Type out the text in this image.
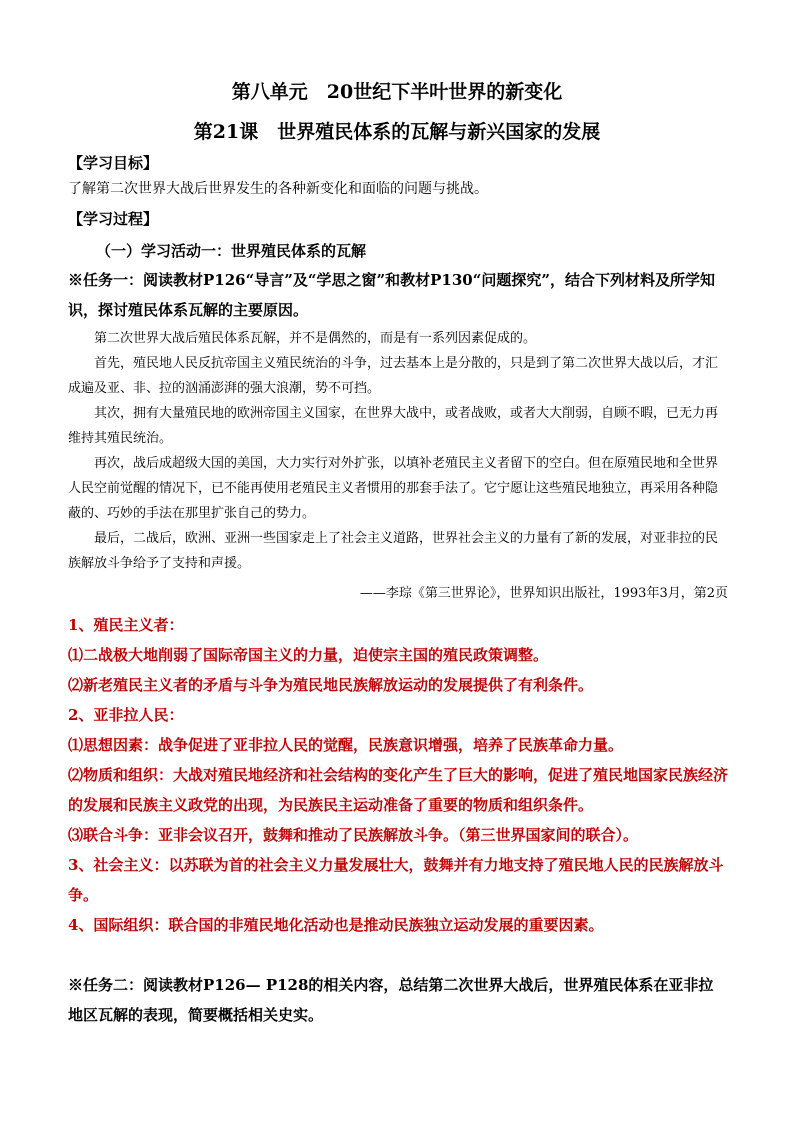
第八单元　20世纪下半叶世界的新变化
第21课　世界殖民体系的瓦解与新兴国家的发展
【学习目标】
了解第二次世界大战后世界发生的各种新变化和面临的问题与挑战。
【学习过程】
（一）学习活动一：世界殖民体系的瓦解
※任务一：阅读教材P126“导言”及“学思之窗”和教材P130“问题探究”，结合下列材料及所学知识，探讨殖民体系瓦解的主要原因。
第二次世界大战后殖民体系瓦解，并不是偶然的，而是有一系列因素促成的。
首先，殖民地人民反抗帝国主义殖民统治的斗争，过去基本上是分散的，只是到了第二次世界大战以后，才汇成遍及亚、非、拉的汹涌澎湃的强大浪潮，势不可挡。
其次，拥有大量殖民地的欧洲帝国主义国家，在世界大战中，或者战败，或者大大削弱，自顾不暇，已无力再维持其殖民统治。
再次，战后成超级大国的美国，大力实行对外扩张，以填补老殖民主义者留下的空白。但在原殖民地和全世界人民空前觉醒的情况下，已不能再使用老殖民主义者惯用的那套手法了。它宁愿让这些殖民地独立，再采用各种隐蔽的、巧妙的手法在那里扩张自己的势力。
最后，二战后，欧洲、亚洲一些国家走上了社会主义道路，世界社会主义的力量有了新的发展，对亚非拉的民族解放斗争给予了支持和声援。
——李琮《第三世界论》，世界知识出版社，1993年3月，第2页
1、殖民主义者：
⑴二战极大地削弱了国际帝国主义的力量，迫使宗主国的殖民政策调整。
⑵新老殖民主义者的矛盾与斗争为殖民地民族解放运动的发展提供了有利条件。
2、亚非拉人民：
⑴思想因素：战争促进了亚非拉人民的觉醒，民族意识增强，培养了民族革命力量。
⑵物质和组织：大战对殖民地经济和社会结构的变化产生了巨大的影响，促进了殖民地国家民族经济的发展和民族主义政党的出现，为民族民主运动准备了重要的物质和组织条件。
⑶联合斗争：亚非会议召开，鼓舞和推动了民族解放斗争。（第三世界国家间的联合）。
3、社会主义：以苏联为首的社会主义力量发展壮大，鼓舞并有力地支持了殖民地人民的民族解放斗争。
4、国际组织：联合国的非殖民地化活动也是推动民族独立运动发展的重要因素。
※任务二：阅读教材P126— P128的相关内容，总结第二次世界大战后，世界殖民体系在亚非拉地区瓦解的表现，简要概括相关史实。
